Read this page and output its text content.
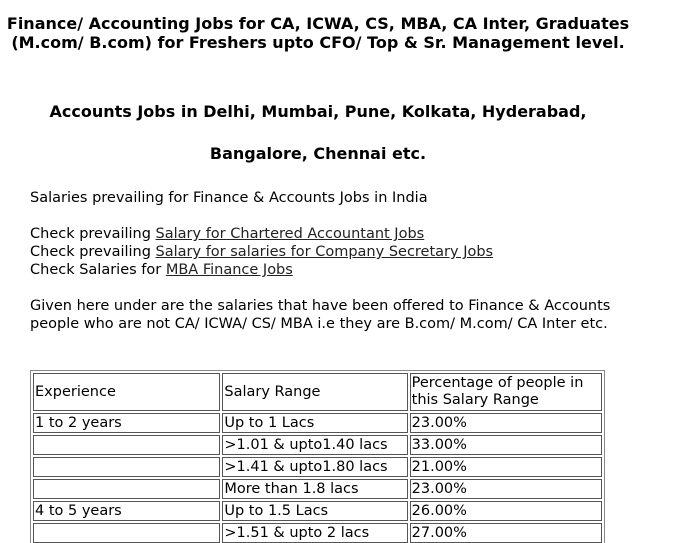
Finance/ Accounting Jobs for CA, ICWA, CS, MBA, CA Inter, Graduates (M.com/ B.com) for Freshers upto CFO/ Top & Sr. Management level.
Accounts Jobs in Delhi, Mumbai, Pune, Kolkata, Hyderabad,
Bangalore, Chennai etc.
Salaries prevailing for Finance & Accounts Jobs in India
Check prevailing Salary for Chartered Accountant Jobs
Check prevailing Salary for salaries for Company Secretary Jobs
Check Salaries for MBA Finance Jobs
Given here under are the salaries that have been offered to Finance & Accounts people who are not CA/ ICWA/ CS/ MBA i.e they are B.com/ M.com/ CA Inter etc.
Experience	Salary Range	Percentage of people in this Salary Range
1 to 2 years	Up to 1 Lacs	23.00%
	>1.01 & upto1.40 lacs	33.00%
	>1.41 & upto1.80 lacs	21.00%
	More than 1.8 lacs	23.00%
4 to 5 years	Up to 1.5 Lacs	26.00%
	>1.51 & upto 2 lacs	27.00%
